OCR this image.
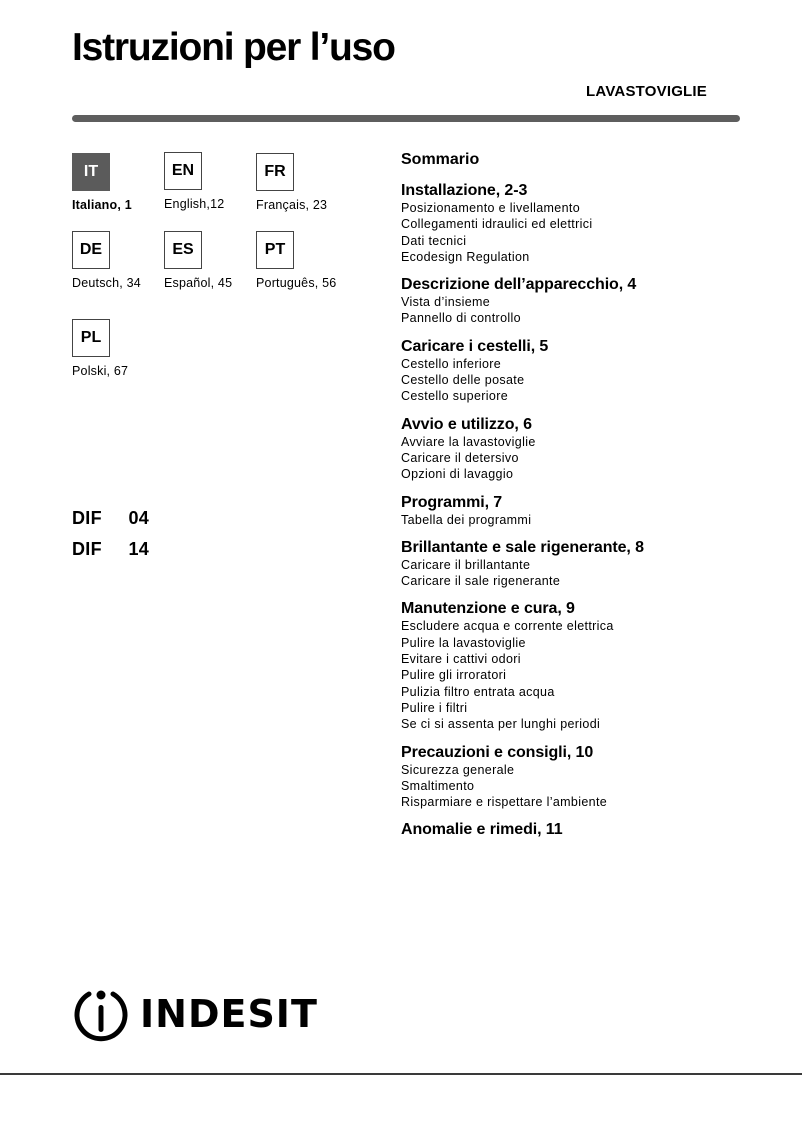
Istruzioni per l’uso
LAVASTOVIGLIE
IT
Italiano, 1
EN
English,12
FR
Français, 23
DE
Deutsch, 34
ES
Español, 45
PT
Português, 56
PL
Polski, 67
DIF  04
DIF  14
Sommario
Installazione, 2-3
Posizionamento e livellamento
Collegamenti idraulici ed elettrici
Dati tecnici
Ecodesign Regulation
Descrizione dell’apparecchio, 4
Vista d’insieme
Pannello di controllo
Caricare i cestelli, 5
Cestello inferiore
Cestello delle posate
Cestello superiore
Avvio e utilizzo, 6
Avviare la lavastoviglie
Caricare il detersivo
Opzioni di lavaggio
Programmi, 7
Tabella dei programmi
Brillantante e sale rigenerante, 8
Caricare il brillantante
Caricare il sale rigenerante
Manutenzione e cura, 9
Escludere acqua e corrente elettrica
Pulire la lavastoviglie
Evitare i cattivi odori
Pulire gli irroratori
Pulizia filtro entrata acqua
Pulire i filtri
Se ci si assenta per lunghi periodi
Precauzioni e consigli, 10
Sicurezza generale
Smaltimento
Risparmiare e rispettare l’ambiente
Anomalie e rimedi, 11
INDESIT
